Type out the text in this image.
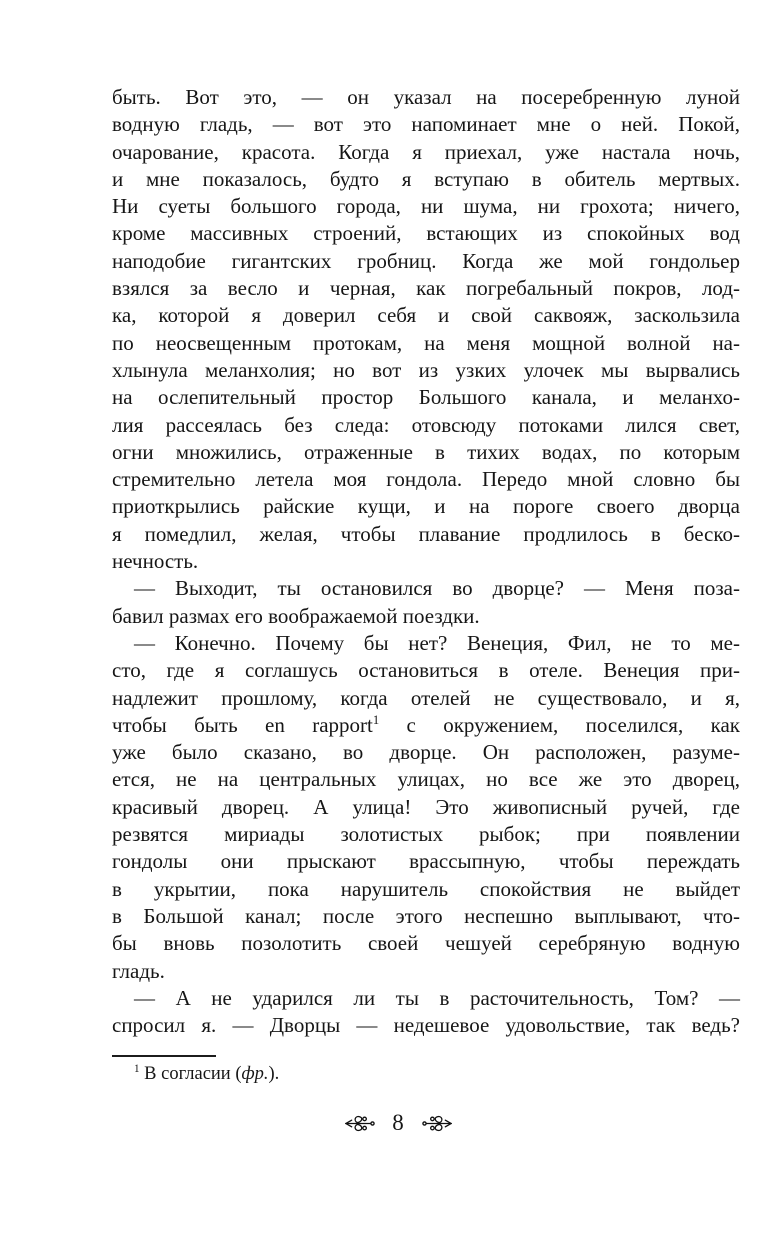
быть. Вот это, — он указал на посеребренную луной
водную гладь, — вот это напоминает мне о ней. Покой,
очарование, красота. Когда я приехал, уже настала ночь,
и мне показалось, будто я вступаю в обитель мертвых.
Ни суеты большого города, ни шума, ни грохота; ничего,
кроме массивных строений, встающих из спокойных вод
наподобие гигантских гробниц. Когда же мой гондольер
взялся за весло и черная, как погребальный покров, лод-
ка, которой я доверил себя и свой саквояж, заскользила
по неосвещенным протокам, на меня мощной волной на-
хлынула меланхолия; но вот из узких улочек мы вырвались
на ослепительный простор Большого канала, и меланхо-
лия рассеялась без следа: отовсюду потоками лился свет,
огни множились, отраженные в тихих водах, по которым
стремительно летела моя гондола. Передо мной словно бы
приоткрылись райские кущи, и на пороге своего дворца
я помедлил, желая, чтобы плавание продлилось в беско-
нечность.
— Выходит, ты остановился во дворце? — Меня поза-
бавил размах его воображаемой поездки.
— Конечно. Почему бы нет? Венеция, Фил, не то ме-
сто, где я соглашусь остановиться в отеле. Венеция при-
надлежит прошлому, когда отелей не существовало, и я,
чтобы быть en rapport$^1$ с окружением, поселился, как
уже было сказано, во дворце. Он расположен, разуме-
ется, не на центральных улицах, но все же это дворец,
красивый дворец. А улица! Это живописный ручей, где
резвятся мириады золотистых рыбок; при появлении
гондолы они прыскают врассыпную, чтобы переждать
в укрытии, пока нарушитель спокойствия не выйдет
в Большой канал; после этого неспешно выплывают, что-
бы вновь позолотить своей чешуей серебряную водную
гладь.
— А не ударился ли ты в расточительность, Том? —
спросил я. — Дворцы — недешевое удовольствие, так ведь?
$^1$ В согласии (фр.).
8
